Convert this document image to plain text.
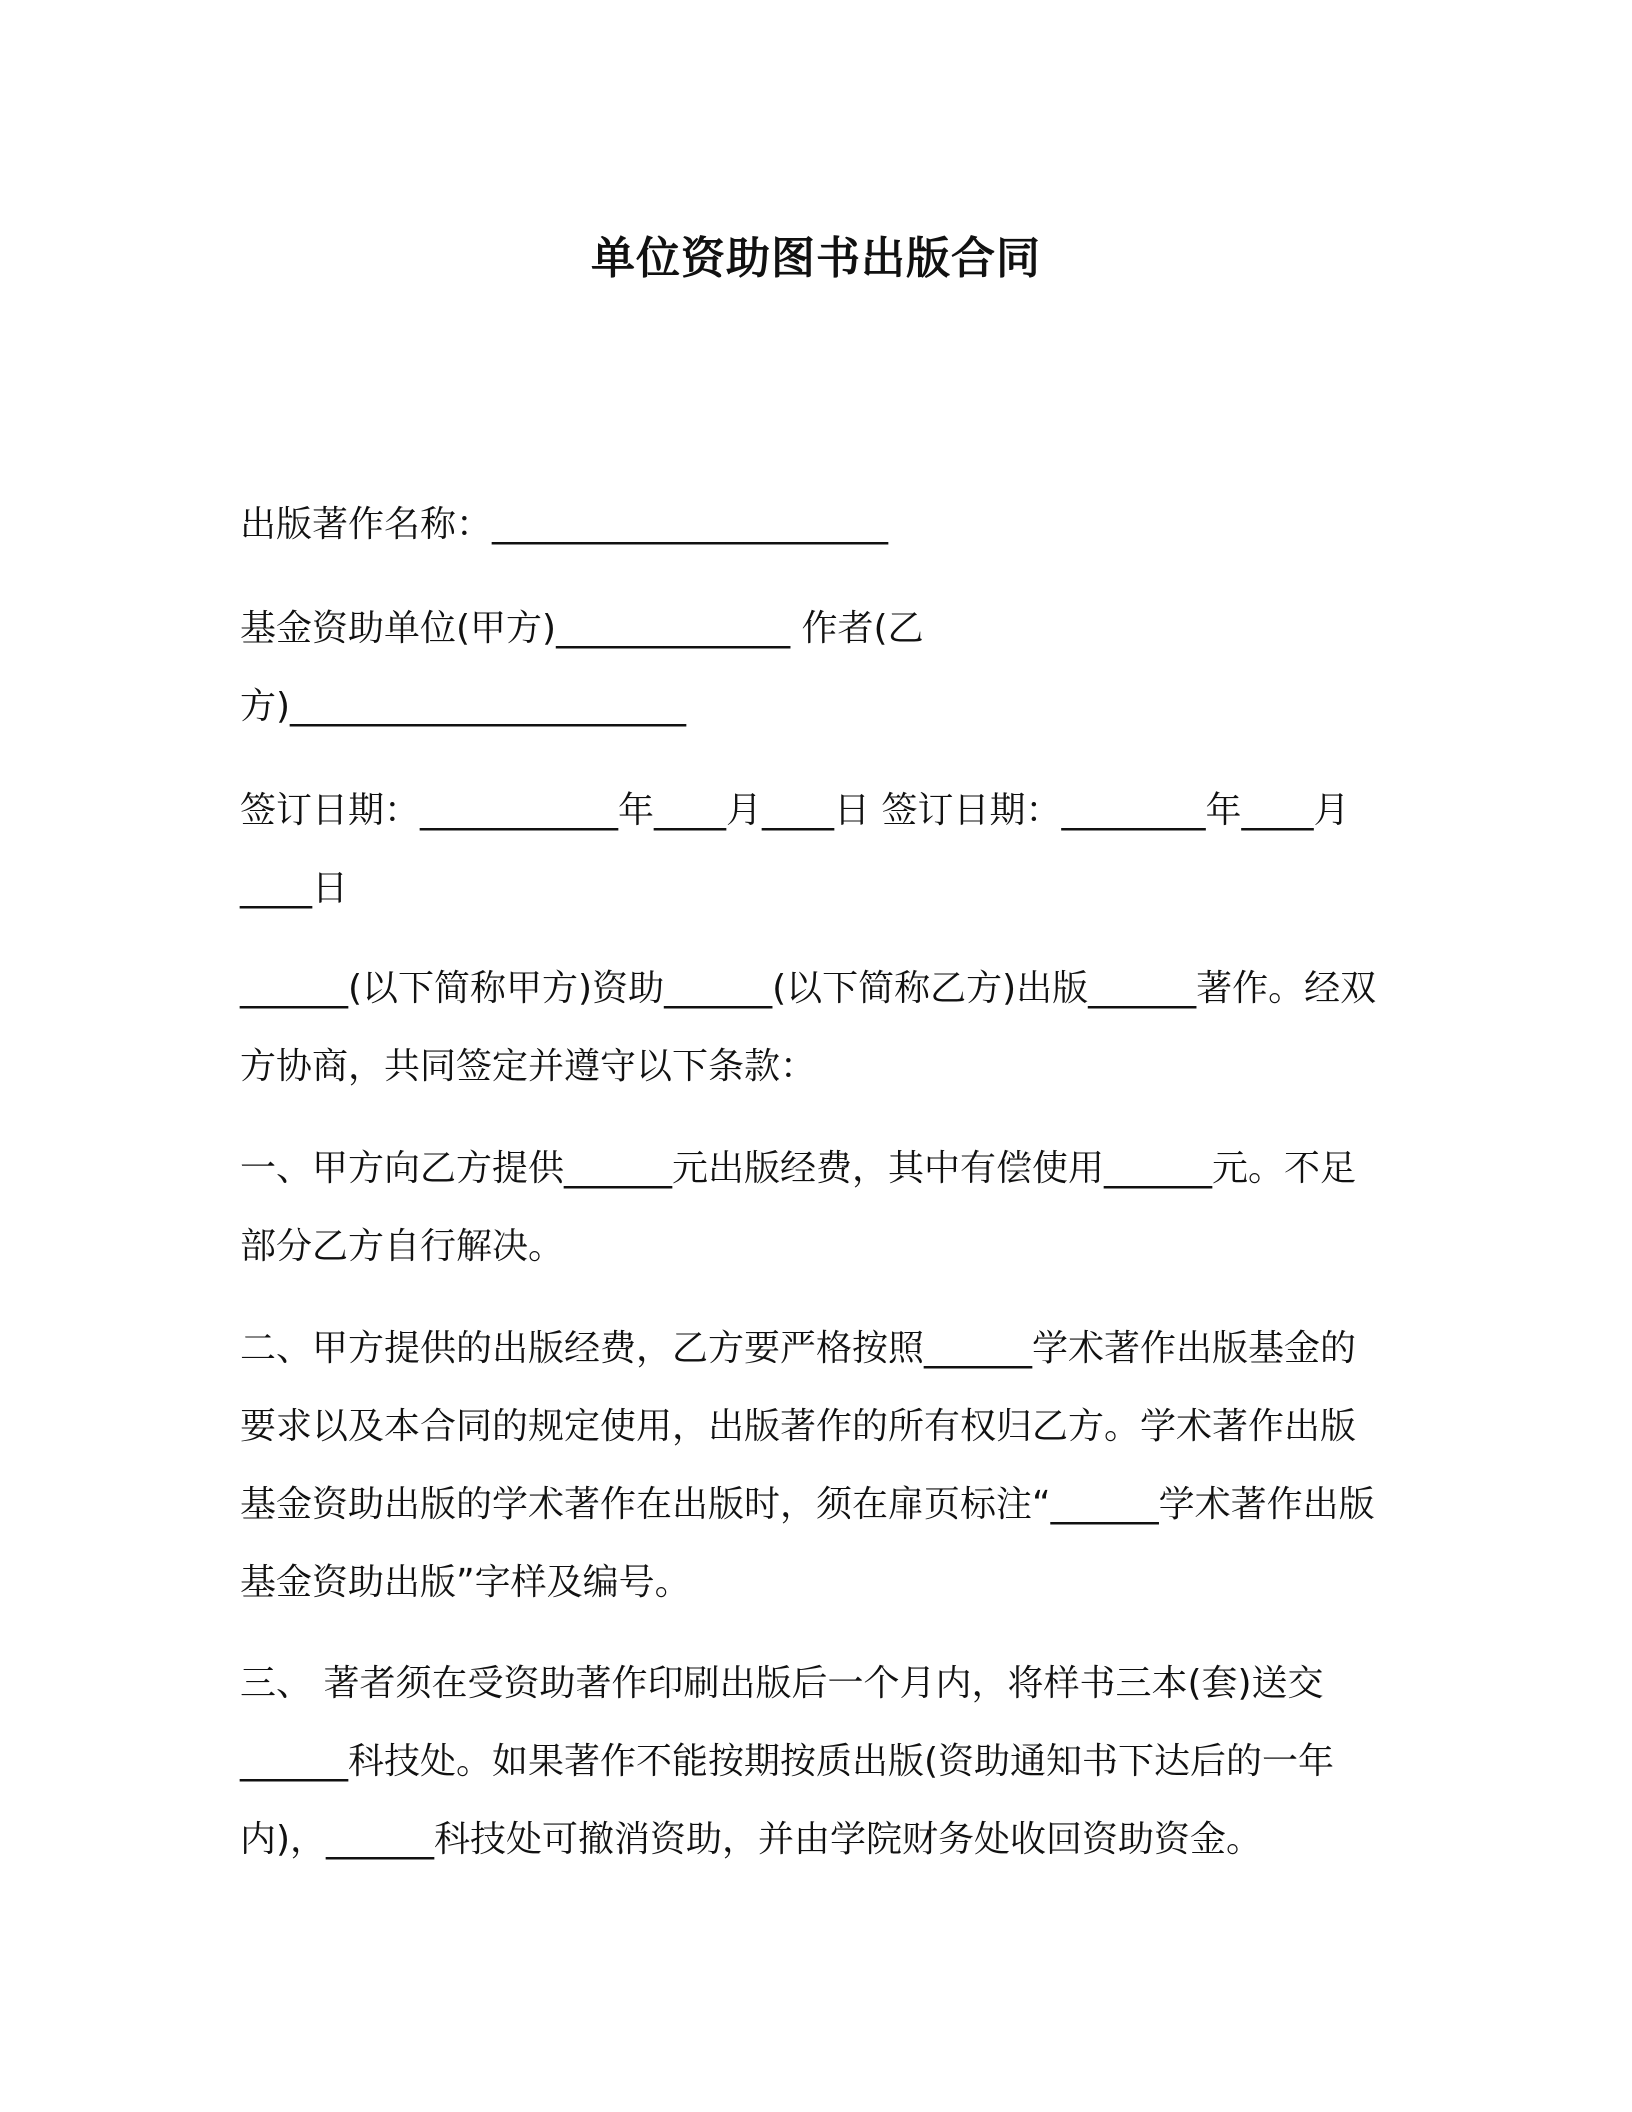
单位资助图书出版合同

出版著作名称：______________________

基金资助单位(甲方)_____________ 作者(乙方)______________________

签订日期：___________年____月____日 签订日期：________年____月____日

______(以下简称甲方)资助______(以下简称乙方)出版______著作。经双方协商，共同签定并遵守以下条款：

一、甲方向乙方提供______元出版经费，其中有偿使用______元。不足部分乙方自行解决。

二、甲方提供的出版经费，乙方要严格按照______学术著作出版基金的要求以及本合同的规定使用，出版著作的所有权归乙方。学术著作出版基金资助出版的学术著作在出版时，须在扉页标注“______学术著作出版基金资助出版”字样及编号。

三、 著者须在受资助著作印刷出版后一个月内，将样书三本(套)送交______科技处。如果著作不能按期按质出版(资助通知书下达后的一年内)，______科技处可撤消资助，并由学院财务处收回资助资金。
